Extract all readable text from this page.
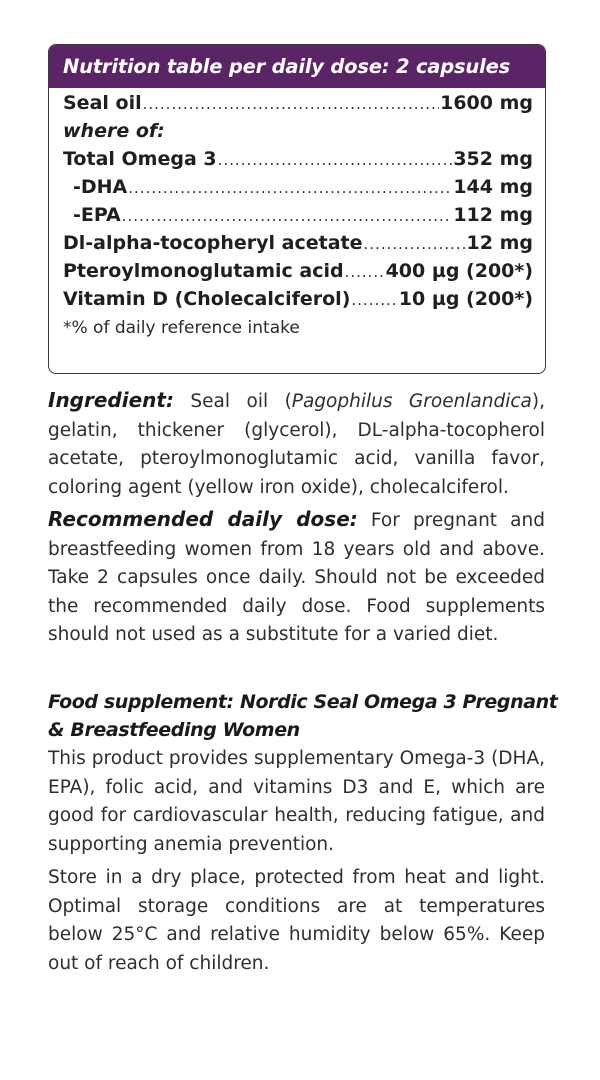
Nutrition table per daily dose: 2 capsules
Seal oil .....	1600 mg
where of:
Total Omega 3 .....	352 mg
-DHA .....	144 mg
-EPA .....	112 mg
Dl-alpha-tocopheryl acetate .....	12 mg
Pteroylmonoglutamic acid ..... 400 µg (200*)
Vitamin D (Cholecalciferol) .....	10 µg (200*)
*% of daily reference intake
Ingredient: Seal oil (Pagophilus Groenlandica), gelatin, thickener (glycerol), DL-alpha-tocopherol acetate, pteroylmonoglutamic acid, vanilla favor, coloring agent (yellow iron oxide), cholecalciferol.
Recommended daily dose: For pregnant and breastfeeding women from 18 years old and above. Take 2 capsules once daily. Should not be exceeded the recommended daily dose. Food supplements should not used as a substitute for a varied diet.
Food supplement: Nordic Seal Omega 3 Pregnant & Breastfeeding Women
This product provides supplementary Omega-3 (DHA, EPA), folic acid, and vitamins D3 and E, which are good for cardiovascular health, reducing fatigue, and supporting anemia prevention.
Store in a dry place, protected from heat and light. Optimal storage conditions are at temperatures below 25°C and relative humidity below 65%. Keep out of reach of children.
